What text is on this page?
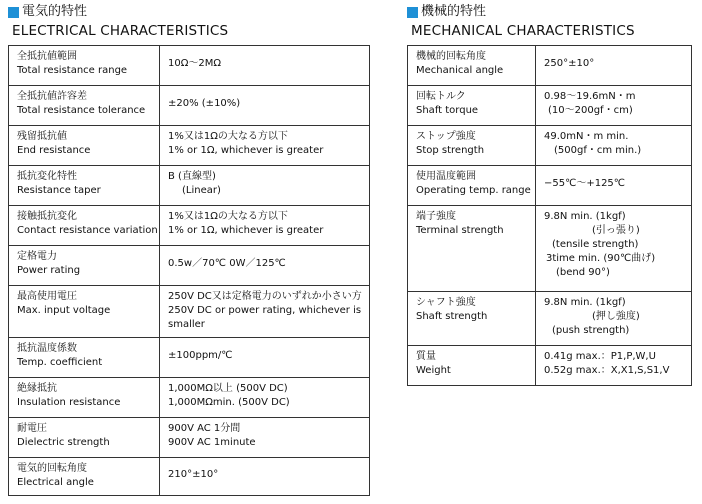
電気的特性
ELECTRICAL CHARACTERISTICS
全抵抗値範囲
Total resistance range	10Ω～2MΩ

全抵抗値許容差
Total resistance tolerance	±20% (±10%)

残留抵抗値
End resistance	1%又は1Ωの大なる方以下
1% or 1Ω, whichever is greater

抵抗変化特性
Resistance taper	B (直線型)
(Linear)

接触抵抗変化
Contact resistance variation	1%又は1Ωの大なる方以下
1% or 1Ω, whichever is greater

定格電力
Power rating	0.5w／70℃ 0W／125℃

最高使用電圧
Max. input voltage	250V DC又は定格電力のいずれか小さい方
250V DC or power rating, whichever is smaller

抵抗温度係数
Temp. coefficient	±100ppm/℃

絶縁抵抗
Insulation resistance	1,000MΩ以上 (500V DC)
1,000MΩmin. (500V DC)

耐電圧
Dielectric strength	900V AC 1分間
900V AC 1minute

電気的回転角度
Electrical angle	210°±10°
機械的特性
MECHANICAL CHARACTERISTICS
機械的回転角度
Mechanical angle	250°±10°

回転トルク
Shaft torque	0.98～19.6mN・m
(10～200gf・cm)

ストップ強度
Stop strength	49.0mN・m min.
(500gf・cm min.)

使用温度範囲
Operating temp. range	−55℃～+125℃

端子強度
Terminal strength	9.8N min. (1kgf)
(引っ張り)
(tensile strength)
3time min. (90℃曲げ)
(bend 90°)

シャフト強度
Shaft strength	9.8N min. (1kgf)
(押し強度)
(push strength)

質量
Weight	0.41g max.：P1,P,W,U
0.52g max.：X,X1,S,S1,V
